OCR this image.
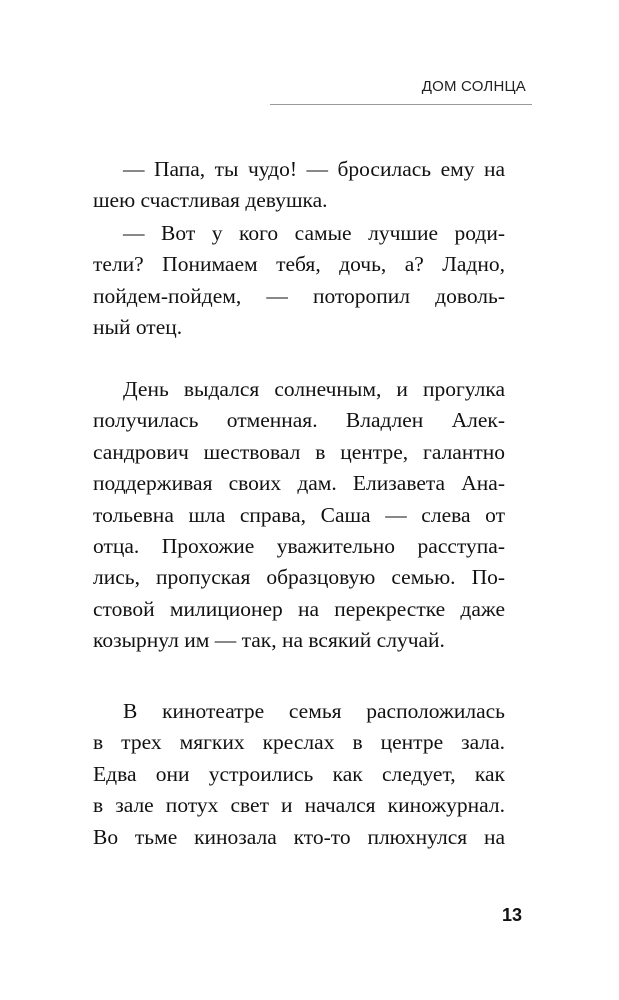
ДОМ СОЛНЦА
— Папа, ты чудо! — бросилась ему на
шею счастливая девушка.
— Вот у кого самые лучшие роди-
тели? Понимаем тебя, дочь, а? Ладно,
пойдем-пойдем, — поторопил доволь-
ный отец.
День выдался солнечным, и прогулка
получилась отменная. Владлен Алек-
сандрович шествовал в центре, галантно
поддерживая своих дам. Елизавета Ана-
тольевна шла справа, Саша — слева от
отца. Прохожие уважительно расступа-
лись, пропуская образцовую семью. По-
стовой милиционер на перекрестке даже
козырнул им — так, на всякий случай.
В кинотеатре семья расположилась
в трех мягких креслах в центре зала.
Едва они устроились как следует, как
в зале потух свет и начался киножурнал.
Во тьме кинозала кто-то плюхнулся на
13
